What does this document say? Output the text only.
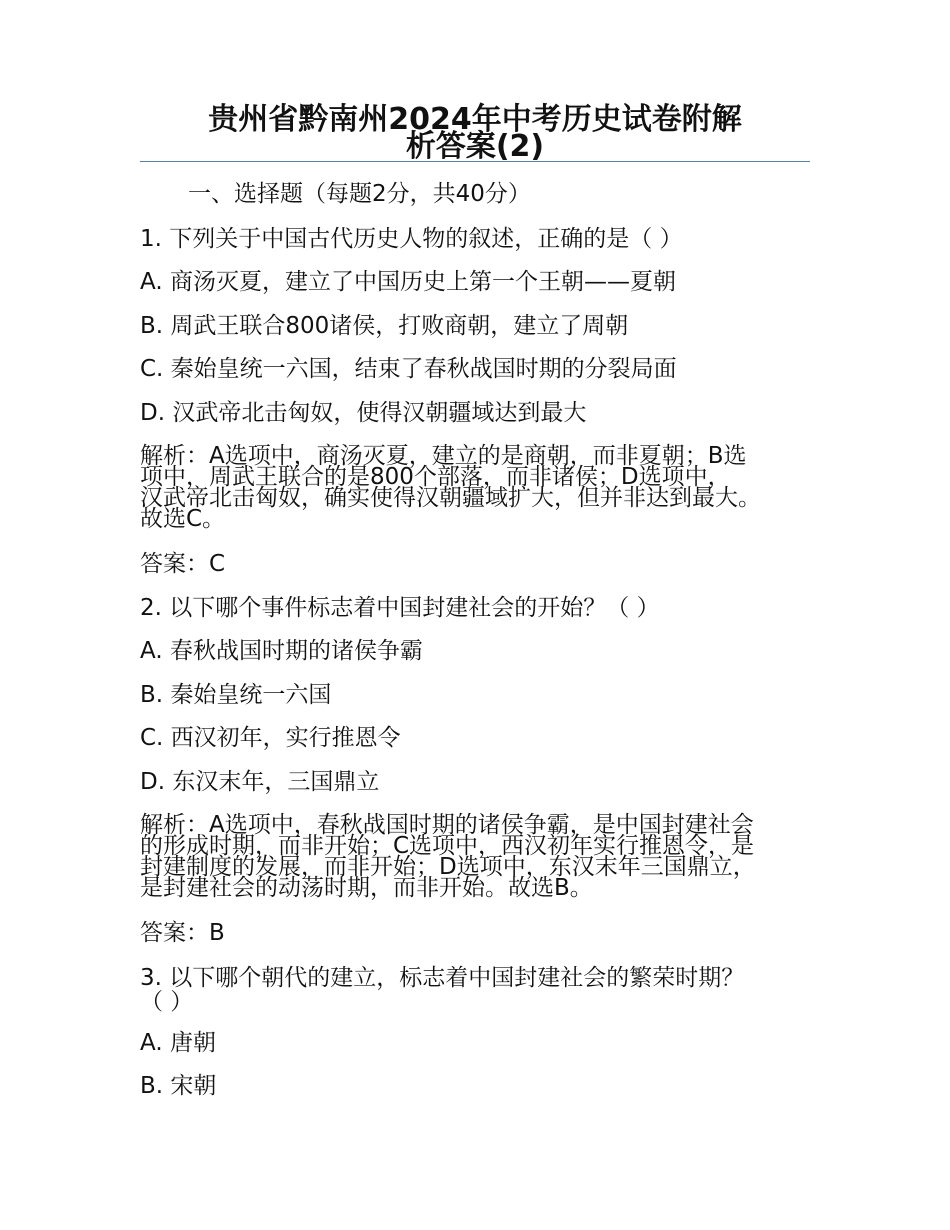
贵州省黔南州2024年中考历史试卷附解
析答案(2)
一、选择题（每题2分，共40分）
1. 下列关于中国古代历史人物的叙述，正确的是（ ）
A. 商汤灭夏，建立了中国历史上第一个王朝——夏朝
B. 周武王联合800诸侯，打败商朝，建立了周朝
C. 秦始皇统一六国，结束了春秋战国时期的分裂局面
D. 汉武帝北击匈奴，使得汉朝疆域达到最大
解析：A选项中，商汤灭夏，建立的是商朝，而非夏朝；B选
项中，周武王联合的是800个部落，而非诸侯；D选项中，
汉武帝北击匈奴，确实使得汉朝疆域扩大，但并非达到最大。
故选C。
答案：C
2. 以下哪个事件标志着中国封建社会的开始？（ ）
A. 春秋战国时期的诸侯争霸
B. 秦始皇统一六国
C. 西汉初年，实行推恩令
D. 东汉末年，三国鼎立
解析：A选项中，春秋战国时期的诸侯争霸，是中国封建社会
的形成时期，而非开始；C选项中，西汉初年实行推恩令，是
封建制度的发展，而非开始；D选项中，东汉末年三国鼎立，
是封建社会的动荡时期，而非开始。故选B。
答案：B
3. 以下哪个朝代的建立，标志着中国封建社会的繁荣时期？
（ ）
A. 唐朝
B. 宋朝
